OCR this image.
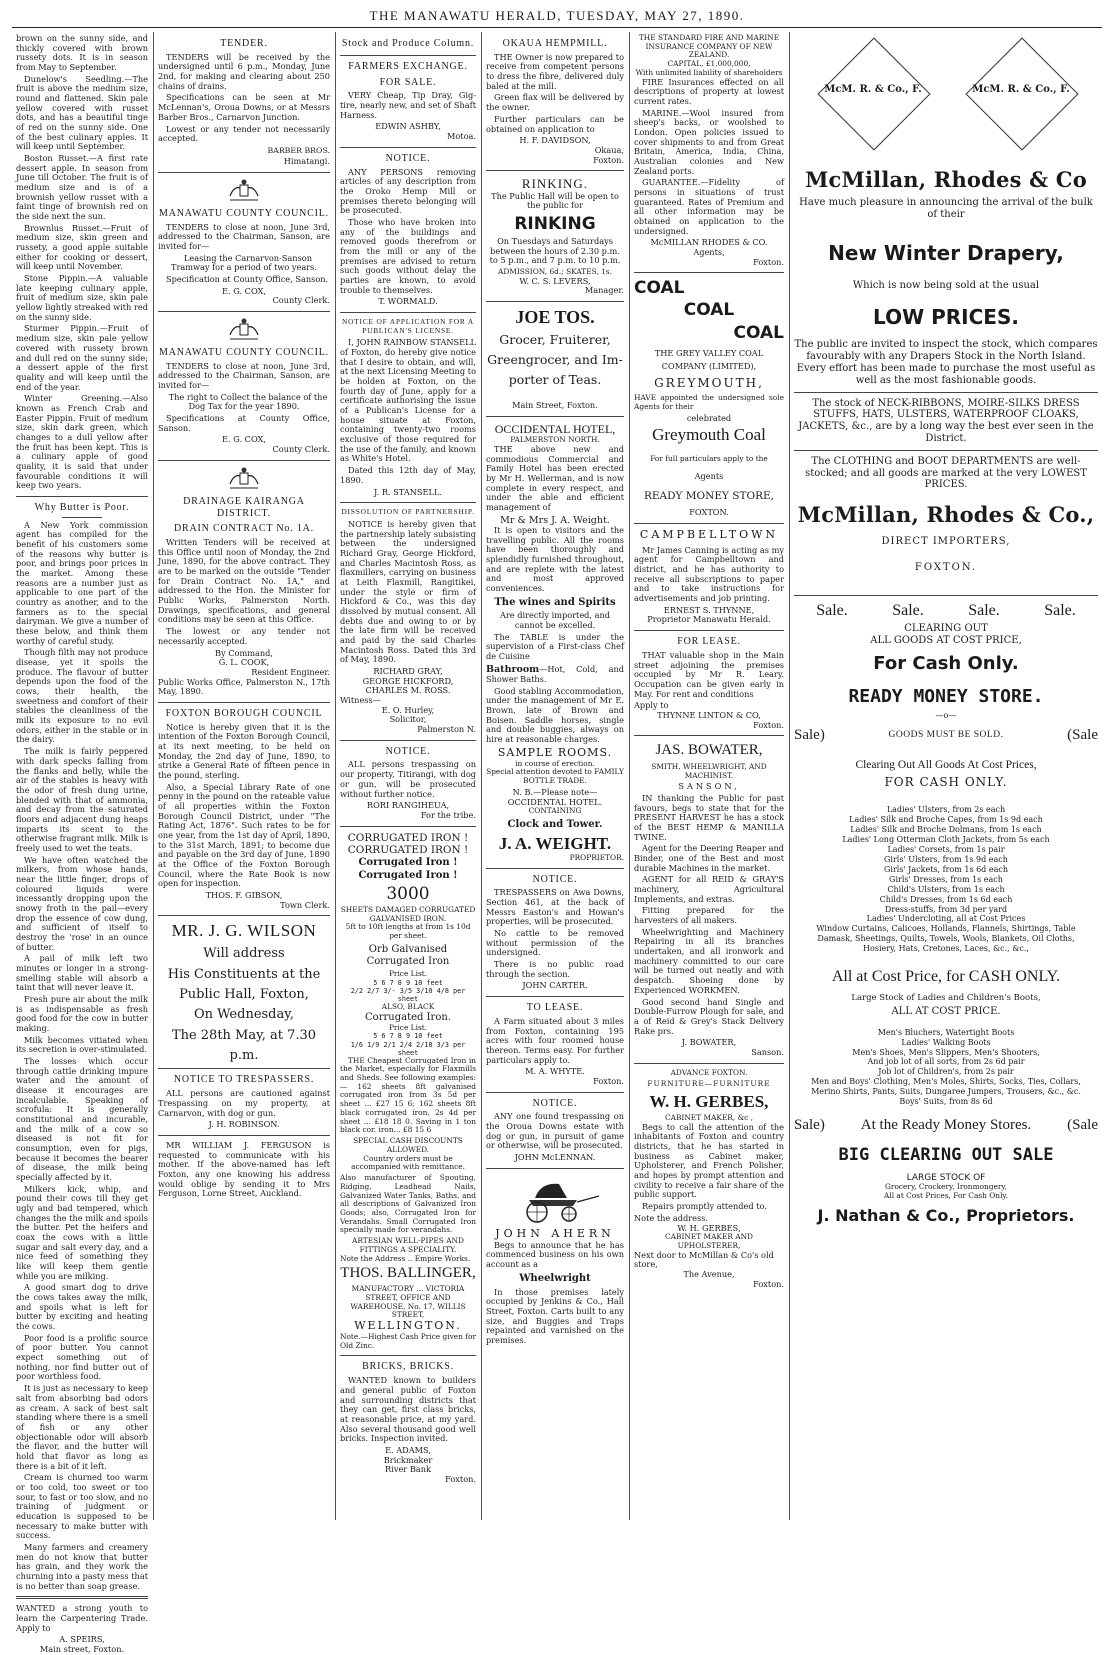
THE MANAWATU HERALD, TUESDAY, MAY 27, 1890.

brown on the sunny side, and thickly covered with brown russety dots. It is in season from May to September.

Dunelow's Seedling.—The fruit is above the medium size, round and flattened. Skin pale yellow covered with russet dots, and has a beautiful tinge of red on the sunny side. One of the best culinary apples. It will keep until September.

Boston Russet.—A first rate dessert apple. In season from June till October. The fruit is of medium size and is of a brownish yellow russet with a faint tinge of brownish red on the side next the sun.

Brownlus Russet.—Fruit of medium size, skin green and russety, a good apple suitable either for cooking or dessert, will keep until November.

Stone Pippin.—A valuable late keeping culinary apple, fruit of medium size, skin pale yellow lightly streaked with red on the sunny side.

Sturmer Pippin.—Fruit of medium size, skin pale yellow covered with russety brown and dull red on the sunny side; a dessert apple of the first quality and will keep until the end of the year.

Winter Greening.—Also known as French Crab and Easter Pippin. Fruit of medium size, skin dark green, which changes to a dull yellow after the fruit has been kept. This is a culinary apple of good quality, it is said that under favourable conditions it will keep two years.

Why Butter is Poor.

A New York commission agent has compiled for the benefit of his customers some of the reasons why butter is poor, and brings poor prices in the market. Among these reasons are a number just as applicable to one part of the country as another, and to the farmers as to the special dairyman. We give a number of these below, and think them worthy of careful study.

Though filth may not produce disease, yet it spoils the produce. The flavour of butter depends upon the food of the cows, their health, the sweetness and comfort of their stables the cleanliness of the milk its exposure to no evil odors, either in the stable or in the dairy.

The milk is fairly peppered with dark specks falling from the flanks and belly, while the air of the stables is heavy with the odor of fresh dung urine, blended with that of ammonia, and decay from the saturated floors and adjacent dung heaps imparts its scent to the otherwise fragrant milk. Milk is freely used to wet the teats.

We have often watched the milkers, from whose hands, near the little finger, drops of coloured liquids were incessantly dropping upon the snowy froth in the pail—every drop the essence of cow dung, and sufficient of itself to destroy the 'rose' in an ounce of butter.

A pail of milk left two minutes or longer in a strong-smelling stable will absorb a taint that will never leave it.

Fresh pure air about the milk is as indispensable as fresh good food for the cow in butter making.

Milk becomes vitiated when its secretion is over-stimulated.

The losses which occur through cattle drinking impure water and the amount of disease it encourages are incalculable. Speaking of scrofula: It is generally constitutional and incurable, and the milk of a cow so diseased is not fit for consumption, even for pigs, because it becomes the bearer of disease, the milk being specially affected by it.

Milkers kick, whip, and pound their cows till they get ugly and bad tempered, which changes the the milk and spoils the butter. Pet the heifers and coax the cows with a little sugar and salt every day, and a nice feed of something they like will keep them gentle while you are milking.

A good smart dog to drive the cows takes away the milk, and spoils what is left for butter by exciting and heating the cows.

Poor food is a prolific source of poor butter. You cannot expect something out of nothing, nor find butter out of poor worthless food.

It is just as necessary to keep salt from absorbing bad odors as cream. A sack of best salt standing where there is a smell of fish or any other objectionable odor will absorb the flavor, and the butter will hold that flavor as long as there is a bit of it left.

Cream is churned too warm or too cold, too sweet or too sour, to fast or too slow, and no training of judgment or education is supposed to be necessary to make butter with success.

Many farmers and creamery men do not know that butter has grain, and they work the churning into a pasty mess that is no better than soap grease.

WANTED a strong youth to learn the Carpentering Trade. Apply to

A. SPEIRS,
Main street, Foxton.
TENDER.

TENDERS will be received by the undersigned until 6 p.m., Monday, June 2nd, for making and clearing about 250 chains of drains.

Specifications can be seen at Mr McLennan's, Oroua Downs, or at Messrs Barber Bros., Carnarvon Junction.

Lowest or any tender not necessarily accepted.

BARBER BROS.
Himatangi.
MANAWATU COUNTY COUNCIL.

TENDERS to close at noon, June 3rd, addressed to the Chairman, Sanson, are invited for—

Leasing the Carnarvon-Sanson Tramway for a period of two years.

Specification at County Office, Sanson.

E. G. COX,
County Clerk.
MANAWATU COUNTY COUNCIL.

TENDERS to close at noon, June 3rd, addressed to the Chairman, Sanson, are invited for—

The right to Collect the balance of the Dog Tax for the year 1890.

Specifications at County Office, Sanson.

E. G. COX,
County Clerk.
DRAINAGE KAIRANGA DISTRICT.
DRAIN CONTRACT No. 1A.

Written Tenders will be received at this Office until noon of Monday, the 2nd June, 1890, for the above contract. They are to be marked on the outside "Tender for Drain Contract No. 1A," and addressed to the Hon. the Minister for Public Works, Palmerston North. Drawings, specifications, and general conditions may be seen at this Office.

The lowest or any tender not necessarily accepted.

By Command,
G. L. COOK,
Resident Engineer.

Public Works Office, Palmerston N., 17th May, 1890.

FOXTON BOROUGH COUNCIL

Notice is hereby given that it is the intention of the Foxton Borough Council, at its next meeting, to be held on Monday, the 2nd day of June, 1890, to strike a General Rate of fifteen pence in the pound, sterling.

Also, a Special Library Rate of one penny in the pound on the rateable value of all properties within the Foxton Borough Council District, under "The Rating Act, 1876". Such rates to be for one year, from the 1st day of April, 1890, to the 31st March, 1891; to become due and payable on the 3rd day of June, 1890 at the Office of the Foxton Borough Council, where the Rate Book is now open for inspection.

THOS. F. GIBSON,
Town Clerk.
MR. J. G. WILSON
Will address
His Constituents at the
Public Hall, Foxton,
On Wednesday,
The 28th May, at 7.30
p.m.
NOTICE TO TRESPASSERS.

ALL persons are cautioned against Trespassing on my property, at Carnarvon, with dog or gun.

J. H. ROBINSON.

MR WILLIAM J. FERGUSON is requested to communicate with his mother. If the above-named has left Foxton, any one knowing his address would oblige by sending it to Mrs Ferguson, Lorne Street, Auckland.

Stock and Produce Column.
FARMERS EXCHANGE.
FOR SALE.

VERY Cheap, Tip Dray, Gig-tire, nearly new, and set of Shaft Harness.

EDWIN ASHBY,
Motoa.
NOTICE.

ANY PERSONS removing articles of any description from the Oroko Hemp Mill or premises thereto belonging will be prosecuted.

Those who have broken into any of the buildings and removed goods therefrom or from the mill or any of the premises are advised to return such goods without delay the parties are known, to avoid trouble to themselves.

T. WORMALD.
NOTICE OF APPLICATION FOR A PUBLICAN'S LICENSE.

I, JOHN RAINBOW STANSELL of Foxton, do hereby give notice that I desire to obtain, and will, at the next Licensing Meeting to be holden at Foxton, on the fourth day of June, apply for a certificate authorising the issue of a Publican's License for a house situate at Foxton, containing twenty-two rooms exclusive of those required for the use of the family, and known as White's Hotel.

Dated this 12th day of May, 1890.

J. R. STANSELL.
DISSOLUTION OF PARTNERSHIP.

NOTICE is hereby given that the partnership lately subsisting between the undersigned Richard Gray, George Hickford, and Charles Macintosh Ross, as flaxmillers, carrying on business at Leith Flaxmill, Rangitikei, under the style or firm of Hickford & Co., was this day dissolved by mutual consent. All debts due and owing to or by the late firm will be received and paid by the said Charles Macintosh Ross. Dated this 3rd of May, 1890.

RICHARD GRAY,
GEORGE HICKFORD,
CHARLES M. ROSS.
Witness—
E. O. Hurley,
Solicitor,
Palmerston N.
NOTICE.

ALL persons trespassing on our property, Titirangi, with dog or gun, will be prosecuted without further notice.

RORI RANGIHEUA,
For the tribe.
CORRUGATED IRON !
CORRUGATED IRON !
Corrugated Iron !
Corrugated Iron !
3000
SHEETS DAMAGED CORRUGATED GALVANISED IRON.
5ft to 10ft lengths at from 1s 10d per sheet.
Orb Galvanised Corrugated Iron
Price List.
5 6 7 8 9 10 feet
2/2 2/7 3/- 3/5 3/10 4/8 per sheet
ALSO, BLACK
Corrugated Iron.
Price List.
5 6 7 8 9 10 feet
1/6 1/9 2/1 2/4 2/10 3/3 per sheet

THE Cheapest Corrugated Iron in the Market, especially for Flaxmills and Sheds. See following examples:— 162 sheets 8ft galvanised corrugated iron from 3s 5d per sheet ... £27 15 6; 162 sheets 8ft black corrugated iron, 2s 4d per sheet ... £18 18 0. Saving in 1 ton black cor. iron... £8 15 6

SPECIAL CASH DISCOUNTS ALLOWED.

Country orders must be accompanied with remittance.

Also manufacturer of Spouting, Ridging, Leadhead Nails, Galvanized Water Tanks, Baths, and all descriptions of Galvanized Iron Goods; also, Corrugated Iron for Verandahs. Small Corrugated Iron specially made for verandahs.

ARTESIAN WELL-PIPES AND FITTINGS A SPECIALITY.
Note the Address .. Empire Works.
THOS. BALLINGER,
MANUFACTORY ... VICTORIA STREET, OFFICE AND WAREHOUSE, No. 17, WILLIS STREET,
WELLINGTON.

Note.—Highest Cash Price given for Old Zinc.

BRICKS, BRICKS.

WANTED known to builders and general public of Foxton and surrounding districts that they can get, first class bricks, at reasonable price, at my yard. Also several thousand good well bricks. Inspection invited.

E. ADAMS,
Brickmaker
River Bank
Foxton.
OKAUA HEMPMILL.

THE Owner is now prepared to receive from competent persons to dress the fibre, delivered duly baled at the mill.

Green flax will be delivered by the owner.

Further particulars can be obtained on application to

H. F. DAVIDSON,
Okaua,
Foxton.
RINKING.

The Public Hall will be open to the public for

RINKING

On Tuesdays and Saturdays between the hours of 2.30 p.m. to 5 p.m., and 7 p.m. to 10 p.m.

ADMISSION, 6d.; SKATES, 1s.
W. C. S. LEVERS,
Manager.
JOE TOS.
Grocer, Fruiterer,
Greengrocer, and Im-
porter of Teas.
Main Street, Foxton.
OCCIDENTAL HOTEL,
PALMERSTON NORTH.

THE above new and commodious Commercial and Family Hotel has been erected by Mr H. Wellerman, and is now complete in every respect, and under the able and efficient management of

Mr & Mrs J. A. Weight.

It is open to visitors and the travelling public. All the rooms have been thoroughly and splendidly furnished throughout, and are replete with the latest and most approved conveniences.

The wines and Spirits

Are directly imported, and cannot be excelled.

The TABLE is under the supervision of a First-class Chef de Cuisine

Bathroom—Hot, Cold, and Shower Baths.

Good stabling Accommodation, under the management of Mr E. Brown, late of Brown and Boisen. Saddle horses, single and double buggies, always on hire at reasonable charges.

SAMPLE ROOMS.
in course of erection.

Special attention devoted to FAMILY BOTTLE TRADE.

N. B.—Please note—
OCCIDENTAL HOTEL.
CONTAINING
Clock and Tower.
J. A. WEIGHT.
PROPRIETOR.
NOTICE.

TRESPASSERS on Awa Downs, Section 461, at the back of Messrs Easton's and Howan's properties, will be prosecuted.

No cattle to be removed without permission of the undersigned.

There is no public road through the section.

JOHN CARTER.
TO LEASE.

A Farm situated about 3 miles from Foxton, containing 195 acres with four roomed house thereon. Terms easy. For further particulars apply to.

M. A. WHYTE.
Foxton.
NOTICE.

ANY one found trespassing on the Oroua Downs estate with dog or gun, in pursuit of game or otherwise, will be prosecuted.

JOHN McLENNAN.
JOHN AHERN

Begs to announce that he has commenced business on his own account as a

Wheelwright

In those premises lately occupied by Jenkins & Co., Hall Street, Foxton. Carts built to any size, and Buggies and Traps repainted and varnished on the premises.

THE STANDARD FIRE AND MARINE INSURANCE COMPANY OF NEW ZEALAND.
CAPITAL, £1,000,000,
With unlimited liability of shareholders

FIRE Insurances effected on all descriptions of property at lowest current rates.

MARINE.—Wool insured from sheep's backs, or woolshed to London. Open policies issued to cover shipments to and from Great Britain, America, India, China, Australian colonies and New Zealand ports.

GUARANTEE.—Fidelity of persons in situations of trust guaranteed. Rates of Premium and all other information may be obtained on application to the undersigned.

McMILLAN RHODES & CO.
Agents,
Foxton.
COAL
COAL
COAL
THE GREY VALLEY COAL
COMPANY (LIMITED),
GREYMOUTH,

HAVE appointed the undersigned sole Agents for their

celebrated
Greymouth Coal
For full particulars apply to the
Agents
READY MONEY STORE,
FOXTON.
CAMPBELLTOWN

Mr James Canning is acting as my agent for Campbelltown and district, and he has authority to receive all subscriptions to paper and to take instructions for advertisements and job printing.

ERNEST S. THYNNE,
Proprietor Manawatu Herald.
FOR LEASE.

THAT valuable shop in the Main street adjoining the premises occupied by Mr R. Leary. Occupation can be given early in May. For rent and conditions

Apply to
THYNNE LINTON & CO,
Foxton.
JAS. BOWATER,
SMITH, WHEELWRIGHT, AND MACHINIST.
SANSON,

IN thanking the Public for past favours, begs to state that for the PRESENT HARVEST he has a stock of the BEST HEMP & MANILLA TWINE.

Agent for the Deering Reaper and Binder, one of the Best and most durable Machines in the market.

AGENT for all REID & GRAY'S machinery, Agricultural Implements, and extras.

Fitting prepared for the harvesters of all makers.

Wheelwrighting and Machinery Repairing in all its branches undertaken, and all ironwork and machinery committed to our care will be turned out neatly and with despatch. Shoeing done by Experienced WORKMEN.

Good second hand Single and Double-Furrow Plough for sale, and a of Reid & Grey's Stack Delivery Rake prs.

J. BOWATER,
Sanson.
ADVANCE FOXTON.
FURNITURE—FURNITURE
W. H. GERBES,
CABINET MAKER, &c ,

Begs to call the attention of the inhabitants of Foxton and country districts, that he has started in business as Cabinet maker, Upholsterer, and French Polisher, and hopes by prompt attention and civility to receive a fair share of the public support.

Repairs promptly attended to.

Note the address.
W. H. GERBES,
CABINET MAKER AND UPHOLSTERER,
Next door to McMillan & Co's old store,
The Avenue,
Foxton.
McM. R. & Co., F.	McM. R. & Co., F.
McMillan, Rhodes & Co
Have much pleasure in announcing the arrival of the bulk of their
New Winter Drapery,
Which is now being sold at the usual
LOW PRICES.

The public are invited to inspect the stock, which compares favourably with any Drapers Stock in the North Island. Every effort has been made to purchase the most useful as well as the most fashionable goods.

The stock of NECK-RIBBONS, MOIRE-SILKS DRESS STUFFS, HATS, ULSTERS, WATERPROOF CLOAKS, JACKETS, &c., are by a long way the best ever seen in the District.

The CLOTHING and BOOT DEPARTMENTS are well-stocked; and all goods are marked at the very LOWEST PRICES.

McMillan, Rhodes & Co.,
DIRECT IMPORTERS,
FOXTON.
Sale.	Sale.	Sale.	Sale.
CLEARING OUT
ALL GOODS AT COST PRICE,
For Cash Only.
READY MONEY STORE.
—o—
Sale)	GOODS MUST BE SOLD.	(Sale
Clearing Out All Goods At Cost Prices,
FOR CASH ONLY.
Ladies' Ulsters, from 2s each
Ladies' Silk and Broche Capes, from 1s 9d each
Ladies' Silk and Broche Dolmans, from 1s each
Ladies' Long Otterman Cloth Jackets, from 5s each
Ladies' Corsets, from 1s pair
Girls' Ulsters, from 1s 9d each
Girls' Jackets, from 1s 6d each
Girls' Dresses, from 1s each
Child's Ulsters, from 1s each
Child's Dresses, from 1s 6d each
Dress-stuffs, from 3d per yard
Ladies' Undercloting, all at Cost Prices
Window Curtains, Calicoes, Hollands, Flannels, Shirtings, Table
Damask, Sheetings, Quilts, Towels, Wools, Blankets, Oil Cloths,
Hosiery, Hats, Cretones, Laces, &c., &c.,
All at Cost Price, for CASH ONLY.
Large Stock of Ladies and Children's Boots,
ALL AT COST PRICE.
Men's Bluchers, Watertight Boots
Ladies' Walking Boots
Men's Shoes, Men's Slippers, Men's Shooters,
And job lot of all sorts, from 2s 6d pair
Job lot of Children's, from 2s pair
Men and Boys' Clothing, Men's Moles, Shirts, Socks, Ties, Collars,
Merino Shirts, Pants, Suits, Dungaree Jumpers, Trousers, &c., &c.
Boys' Suits, from 8s 6d
Sale) At the Ready Money Stores. (Sale
BIG CLEARING OUT SALE
LARGE STOCK OF
Grocery, Crockery, Ironmongery,
All at Cost Prices, For Cash Only.
J. Nathan & Co., Proprietors.
